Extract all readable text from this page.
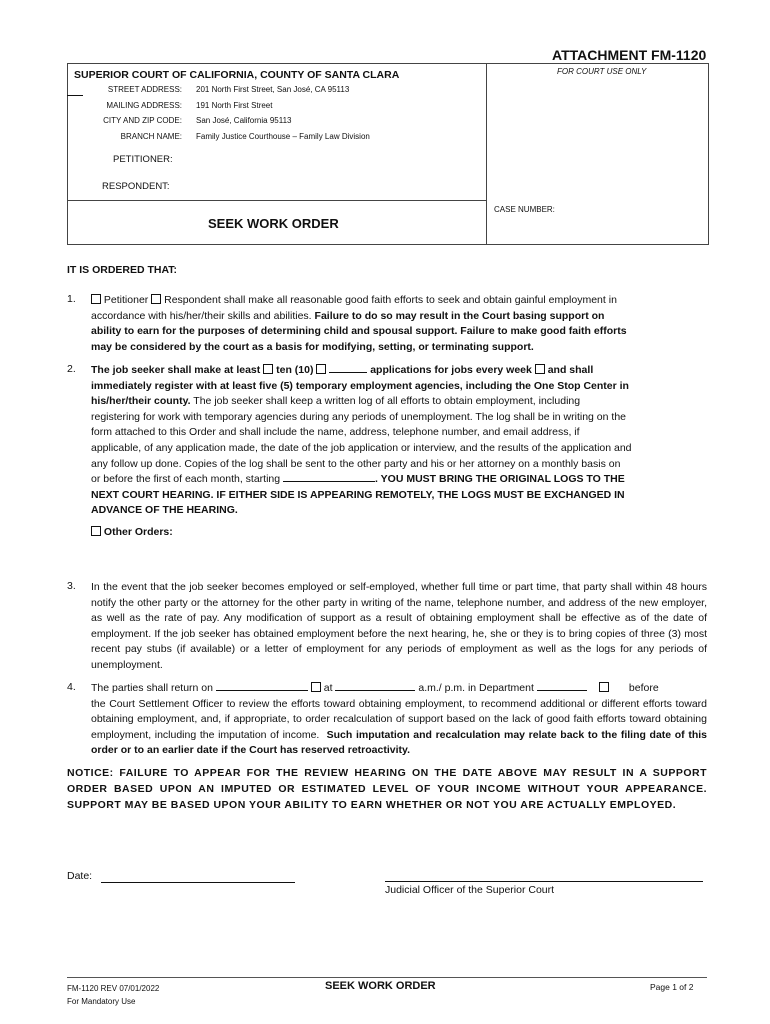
ATTACHMENT FM-1120
FOR COURT USE ONLY
SUPERIOR COURT OF CALIFORNIA, COUNTY OF SANTA CLARA
STREET ADDRESS: 201 North First Street, San José, CA 95113
MAILING ADDRESS: 191 North First Street
CITY AND ZIP CODE: San José, California 95113
BRANCH NAME: Family Justice Courthouse – Family Law Division
PETITIONER:
RESPONDENT:
CASE NUMBER:
SEEK WORK ORDER
IT IS ORDERED THAT:
1.	Petitioner Respondent shall make all reasonable good faith efforts to seek and obtain gainful employment in
accordance with his/her/their skills and abilities. Failure to do so may result in the Court basing support on
ability to earn for the purposes of determining child and spousal support. Failure to make good faith efforts
may be considered by the court as a basis for modifying, setting, or terminating support.
2. The job seeker shall make at least ten (10)	applications for jobs every week and shall
immediately register with at least five (5) temporary employment agencies, including the One Stop Center in
his/her/their county. The job seeker shall keep a written log of all efforts to obtain employment, including
registering for work with temporary agencies during any periods of unemployment. The log shall be in writing on the
form attached to this Order and shall include the name, address, telephone number, and email address, if
applicable, of any application made, the date of the job application or interview, and the results of the application and
any follow up done. Copies of the log shall be sent to the other party and his or her attorney on a monthly basis on
or before the first of each month, starting	. YOU MUST BRING THE ORIGINAL LOGS TO THE
NEXT COURT HEARING. IF EITHER SIDE IS APPEARING REMOTELY, THE LOGS MUST BE EXCHANGED IN
ADVANCE OF THE HEARING.
Other Orders:
3. In the event that the job seeker becomes employed or self-employed, whether full time or part time, that party shall within 48 hours notify the other party or the attorney for the other party in writing of the name, telephone number, and address of the new employer, as well as the rate of pay. Any modification of support as a result of obtaining employment shall be effective as of the date of employment. If the job seeker has obtained employment before the next hearing, he, she or they is to bring copies of three (3) most recent pay stubs (if available) or a letter of employment for any periods of employment as well as the logs for any periods of unemployment.
4. The parties shall return on	at	a.m./ p.m. in Department	before
the Court Settlement Officer to review the efforts toward obtaining employment, to recommend additional or different efforts toward obtaining employment, and, if appropriate, to order recalculation of support based on the lack of good faith efforts toward obtaining employment, including the imputation of income. Such imputation and recalculation may relate back to the filing date of this order or to an earlier date if the Court has reserved retroactivity.
NOTICE: FAILURE TO APPEAR FOR THE REVIEW HEARING ON THE DATE ABOVE MAY RESULT IN A SUPPORT ORDER BASED UPON AN IMPUTED OR ESTIMATED LEVEL OF YOUR INCOME WITHOUT YOUR APPEARANCE. SUPPORT MAY BE BASED UPON YOUR ABILITY TO EARN WHETHER OR NOT YOU ARE ACTUALLY EMPLOYED.
Date:
Judicial Officer of the Superior Court
FM-1120 REV 07/01/2022
For Mandatory Use
SEEK WORK ORDER	Page 1 of 2
